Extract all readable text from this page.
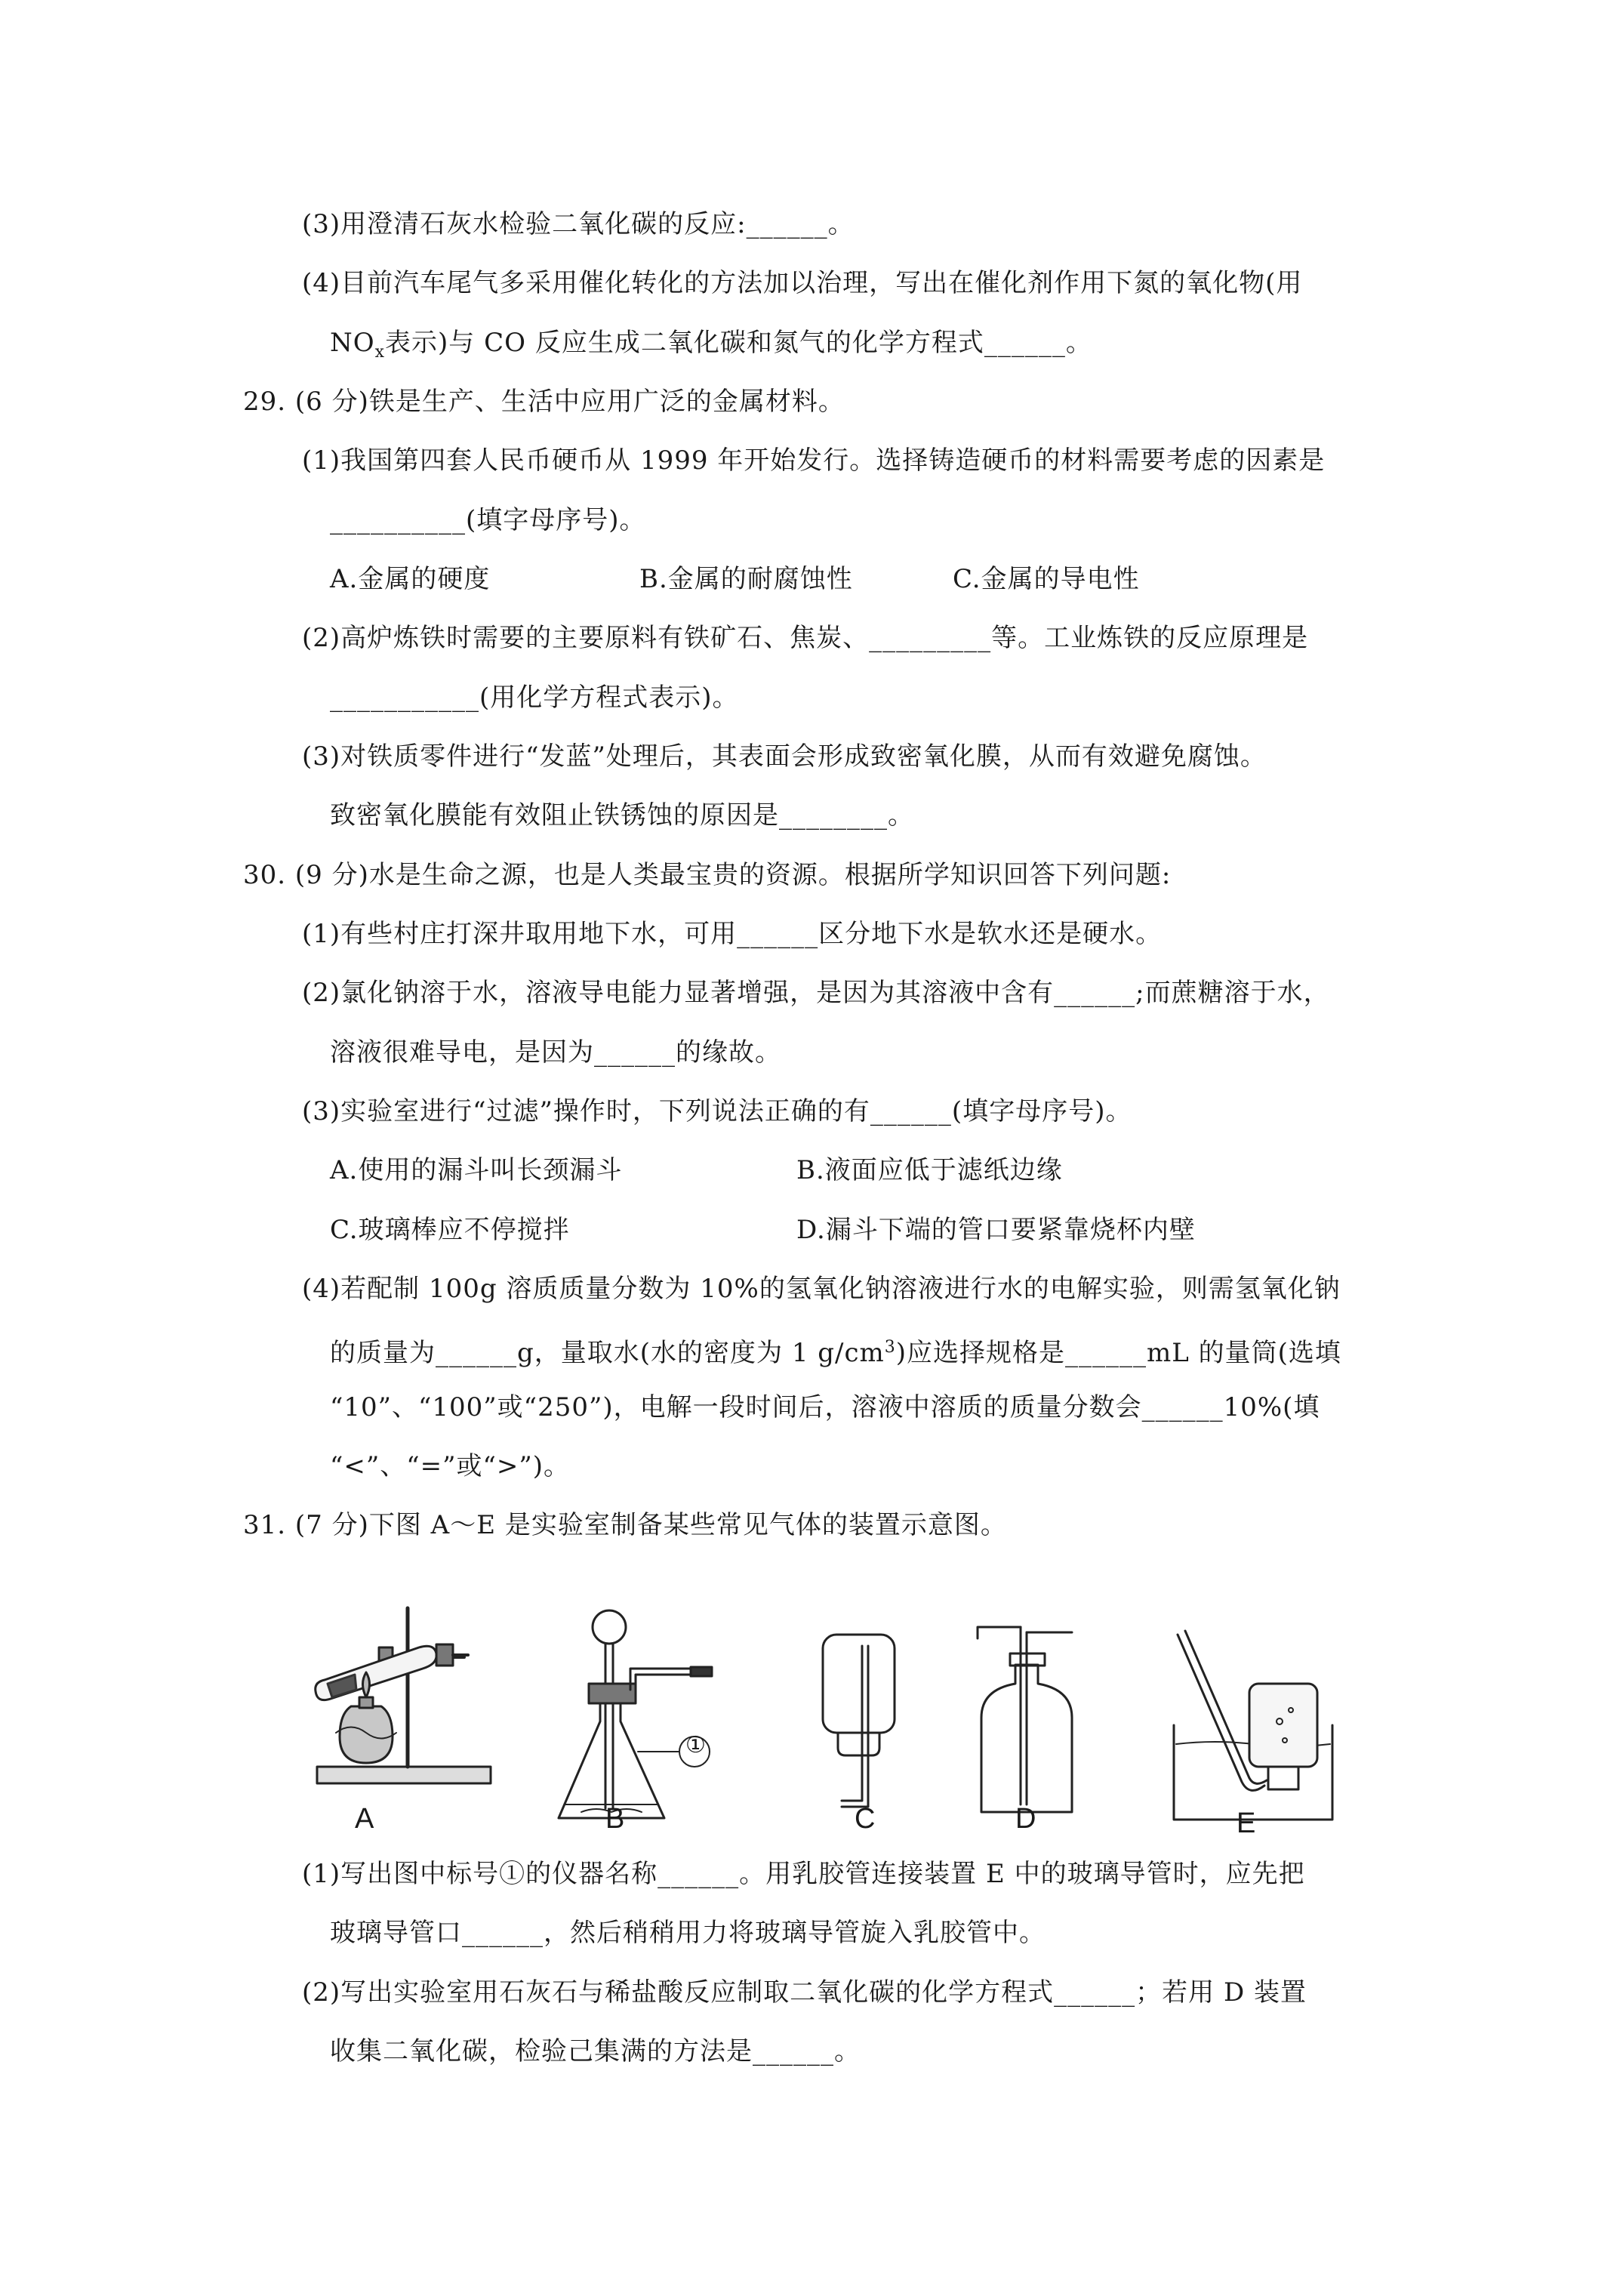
(3)用澄清石灰水检验二氧化碳的反应:______。
(4)目前汽车尾气多采用催化转化的方法加以治理，写出在催化剂作用下氮的氧化物(用
$NO_x$表示)与 CO 反应生成二氧化碳和氮气的化学方程式______。
29. (6 分)铁是生产、生活中应用广泛的金属材料。
(1)我国第四套人民币硬币从 1999 年开始发行。选择铸造硬币的材料需要考虑的因素是
__________(填字母序号)。
A.金属的硬度	B.金属的耐腐蚀性	C.金属的导电性
(2)高炉炼铁时需要的主要原料有铁矿石、焦炭、_________等。工业炼铁的反应原理是
___________(用化学方程式表示)。
(3)对铁质零件进行“发蓝”处理后，其表面会形成致密氧化膜，从而有效避免腐蚀。
致密氧化膜能有效阻止铁锈蚀的原因是________。
30. (9 分)水是生命之源，也是人类最宝贵的资源。根据所学知识回答下列问题:
(1)有些村庄打深井取用地下水，可用______区分地下水是软水还是硬水。
(2)氯化钠溶于水，溶液导电能力显著增强，是因为其溶液中含有______;而蔗糖溶于水，
溶液很难导电，是因为______的缘故。
(3)实验室进行“过滤”操作时，下列说法正确的有______(填字母序号)。
A.使用的漏斗叫长颈漏斗	B.液面应低于滤纸边缘
C.玻璃棒应不停搅拌	D.漏斗下端的管口要紧靠烧杯内壁
(4)若配制 100g 溶质质量分数为 10%的氢氧化钠溶液进行水的电解实验，则需氢氧化钠
的质量为______g，量取水(水的密度为 1 $g/cm^3$)应选择规格是______mL 的量筒(选填
“10”、“100”或“250”)，电解一段时间后，溶液中溶质的质量分数会______10%(填
“<”、“=”或“>”)。
31. (7 分)下图 A～E 是实验室制备某些常见气体的装置示意图。
A	B	C	D	E
①
(1)写出图中标号①的仪器名称______。用乳胶管连接装置 E 中的玻璃导管时，应先把
玻璃导管口______，然后稍稍用力将玻璃导管旋入乳胶管中。
(2)写出实验室用石灰石与稀盐酸反应制取二氧化碳的化学方程式______；若用 D 装置
收集二氧化碳，检验己集满的方法是______。
